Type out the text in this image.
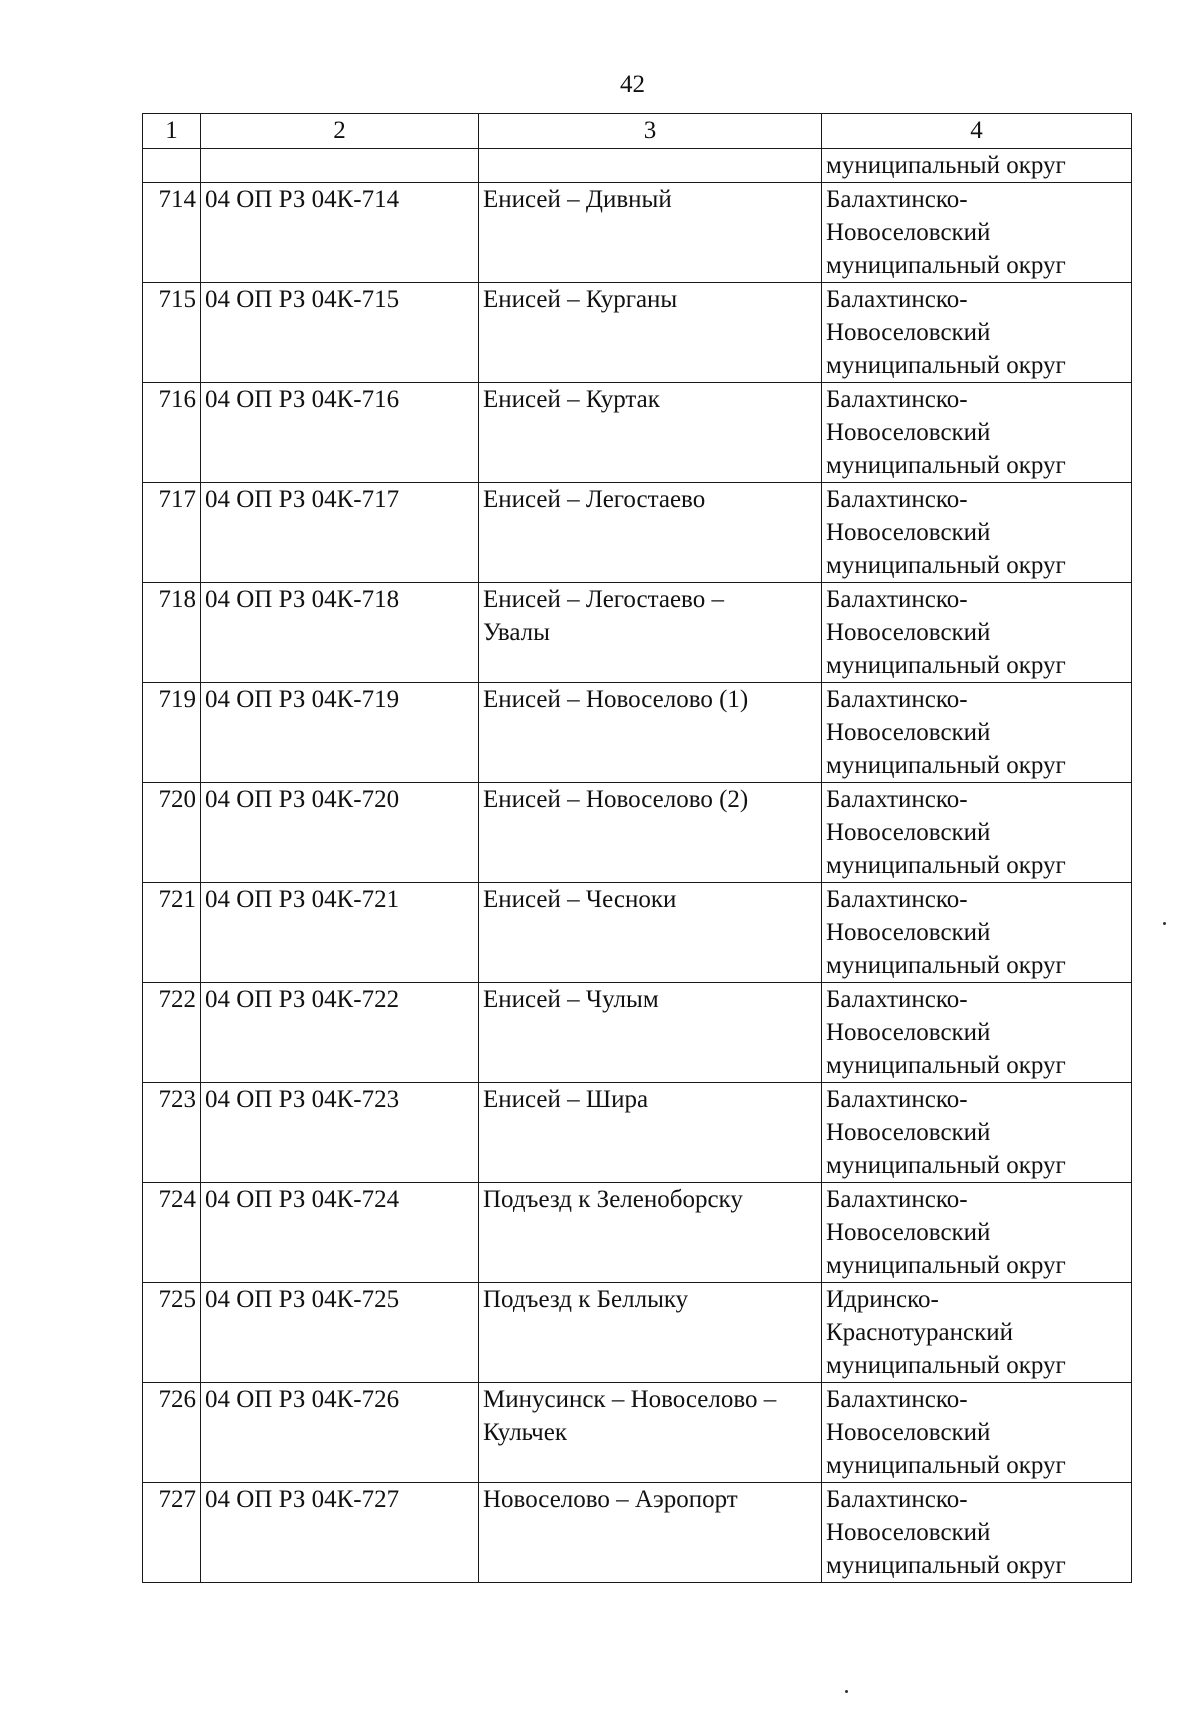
42
1	2	3	4
			муниципальный округ
714	04 ОП РЗ 04К-714	Енисей – Дивный	Балахтинско-
Новоселовский
муниципальный округ

715	04 ОП РЗ 04К-715	Енисей – Курганы	Балахтинско-
Новоселовский
муниципальный округ

716	04 ОП РЗ 04К-716	Енисей – Куртак	Балахтинско-
Новоселовский
муниципальный округ

717	04 ОП РЗ 04К-717	Енисей – Легостаево	Балахтинско-
Новоселовский
муниципальный округ

718	04 ОП РЗ 04К-718	Енисей – Легостаево –
Увалы	Балахтинско-
Новоселовский
муниципальный округ

719	04 ОП РЗ 04К-719	Енисей – Новоселово (1)	Балахтинско-
Новоселовский
муниципальный округ

720	04 ОП РЗ 04К-720	Енисей – Новоселово (2)	Балахтинско-
Новоселовский
муниципальный округ

721	04 ОП РЗ 04К-721	Енисей – Чесноки	Балахтинско-
Новоселовский
муниципальный округ

722	04 ОП РЗ 04К-722	Енисей – Чулым	Балахтинско-
Новоселовский
муниципальный округ

723	04 ОП РЗ 04К-723	Енисей – Шира	Балахтинско-
Новоселовский
муниципальный округ

724	04 ОП РЗ 04К-724	Подъезд к Зеленоборску	Балахтинско-
Новоселовский
муниципальный округ

725	04 ОП РЗ 04К-725	Подъезд к Беллыку	Идринско-
Краснотуранский
муниципальный округ

726	04 ОП РЗ 04К-726	Минусинск – Новоселово –
Кульчек	Балахтинско-
Новоселовский
муниципальный округ

727	04 ОП РЗ 04К-727	Новоселово – Аэропорт	Балахтинско-
Новоселовский
муниципальный округ
